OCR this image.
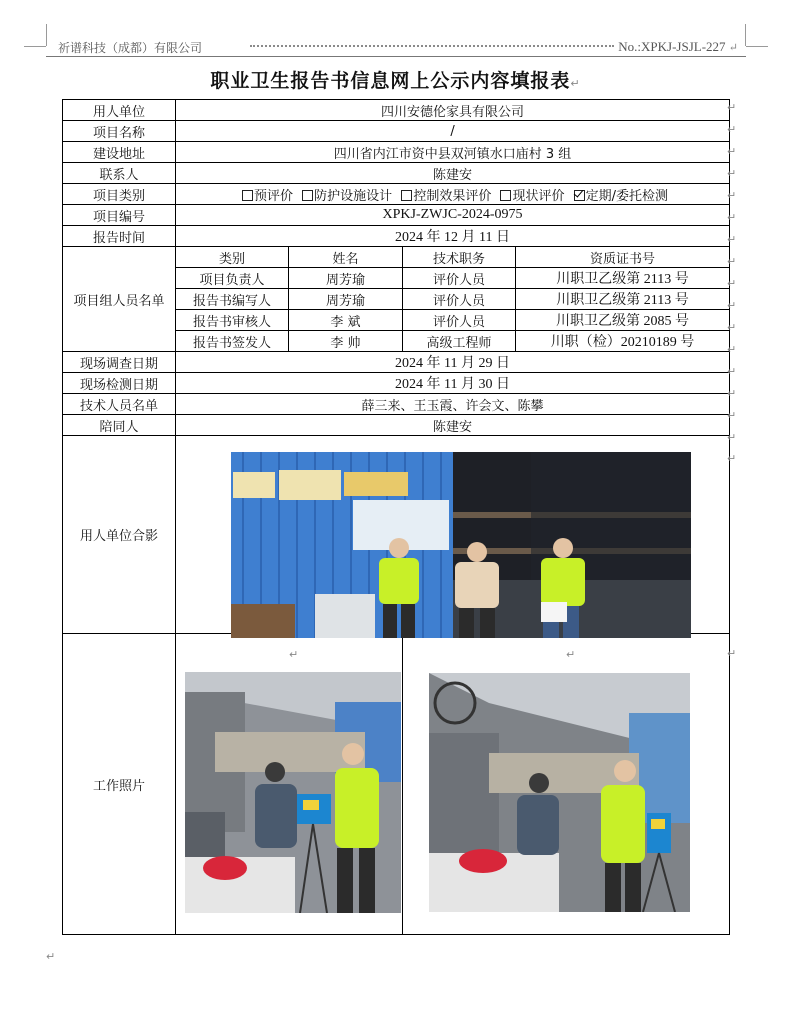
祈谱科技（成都）有限公司	No.:XPKJ-JSJL-227 ↵
职业卫生报告书信息网上公示内容填报表↵
用人单位	四川安德伦家具有限公司			
项目名称	/			
建设地址	四川省内江市资中县双河镇水口庙村 3 组			
联系人	陈建安			
项目类别	预评价 防护设施设计 控制效果评价 现状评价 定期/委托检测			
项目编号	XPKJ-ZWJC-2024-0975			
报告时间	2024 年 12 月 11 日			
项目组人员名单	类别	姓名	技术职务	资质证书号
	项目负责人	周芳瑜	评价人员	川职卫乙级第 2113 号
	报告书编写人	周芳瑜	评价人员	川职卫乙级第 2113 号
	报告书审核人	李 斌	评价人员	川职卫乙级第 2085 号
	报告书签发人	李 帅	高级工程师	川职（检）20210189 号
现场调查日期	2024 年 11 月 29 日			
现场检测日期	2024 年 11 月 30 日			
技术人员名单	薛三来、王玉霞、许会文、陈攀			
陪同人	陈建安			
用人单位合影				
工作照片				
↵
↵
↵
↵
↵
↵
↵
↵
↵
↵
↵
↵
↵
↵
↵
↵
↵
↵
↵	↵
↵
